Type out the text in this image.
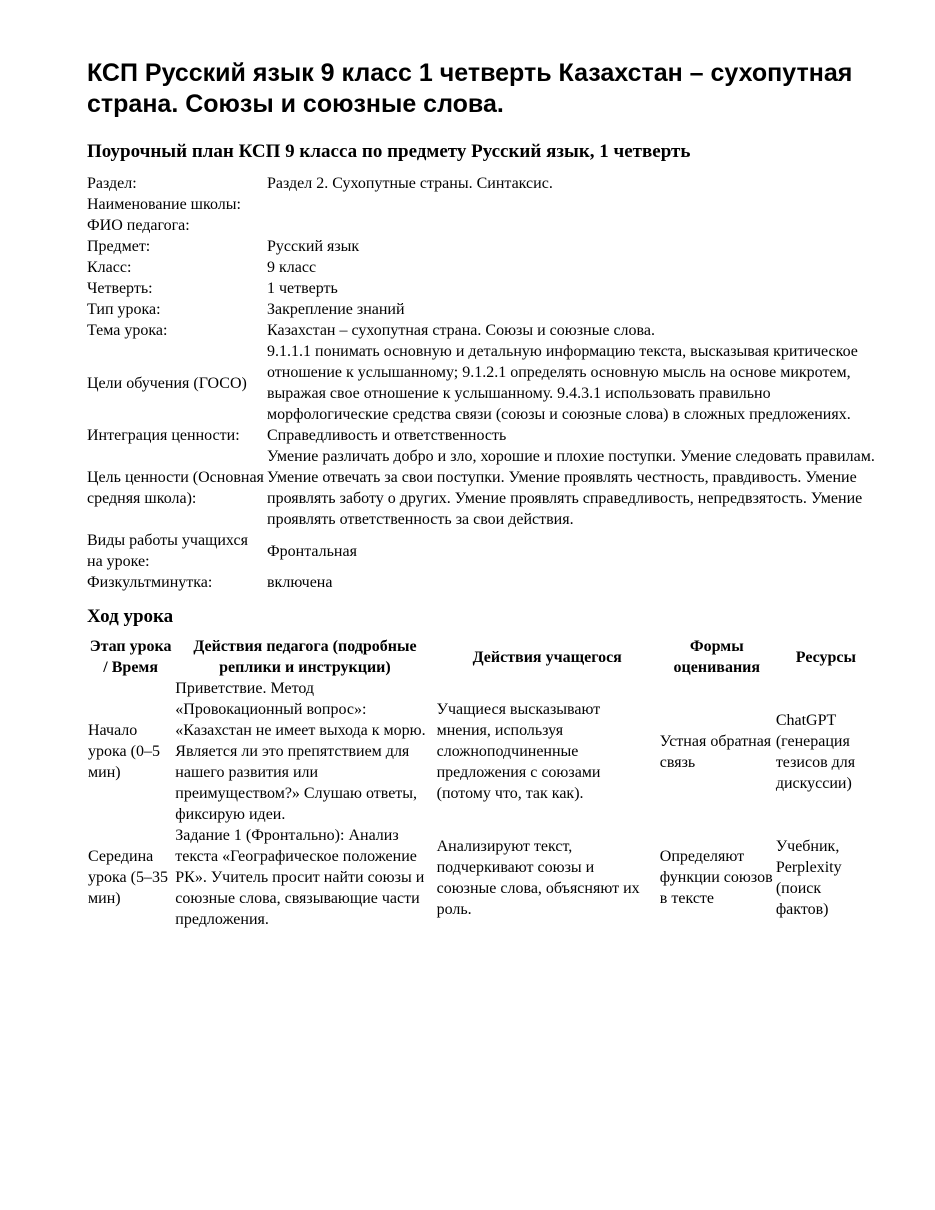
КСП Русский язык 9 класс 1 четверть Казахстан – сухопутная страна. Союзы и союзные слова.
Поурочный план КСП 9 класса по предмету Русский язык, 1 четверть
Раздел:	Раздел 2. Сухопутные страны. Синтаксис.
Наименование школы:	
ФИО педагога:	
Предмет:	Русский язык
Класс:	9 класс
Четверть:	1 четверть
Тип урока:	Закрепление знаний
Тема урока:	Казахстан – сухопутная страна. Союзы и союзные слова.
Цели обучения (ГОСО)	9.1.1.1 понимать основную и детальную информацию текста, высказывая критическое отношение к услышанному; 9.1.2.1 определять основную мысль на основе микротем, выражая свое отношение к услышанному. 9.4.3.1 использовать правильно морфологические средства связи (союзы и союзные слова) в сложных предложениях.
Интеграция ценности:	Справедливость и ответственность
Цель ценности (Основная средняя школа):	Умение различать добро и зло, хорошие и плохие поступки. Умение следовать правилам. Умение отвечать за свои поступки. Умение проявлять честность, правдивость. Умение проявлять заботу о других. Умение проявлять справедливость, непредвзятость. Умение проявлять ответственность за свои действия.
Виды работы учащихся на уроке:	Фронтальная
Физкультминутка:	включена
Ход урока
Этап урока / Время	Действия педагога (подробные реплики и инструкции)	Действия учащегося	Формы оценивания	Ресурсы
Начало урока (0–5 мин)	Приветствие. Метод «Провокационный вопрос»: «Казахстан не имеет выхода к морю. Является ли это препятствием для нашего развития или преимуществом?» Слушаю ответы, фиксирую идеи.	Учащиеся высказывают мнения, используя сложноподчиненные предложения с союзами (потому что, так как).	Устная обратная связь	ChatGPT (генерация тезисов для дискуссии)
Середина урока (5–35 мин)	Задание 1 (Фронтально): Анализ текста «Географическое положение РК». Учитель просит найти союзы и союзные слова, связывающие части предложения.	Анализируют текст, подчеркивают союзы и союзные слова, объясняют их роль.	Определяют функции союзов в тексте	Учебник, Perplexity (поиск фактов)
